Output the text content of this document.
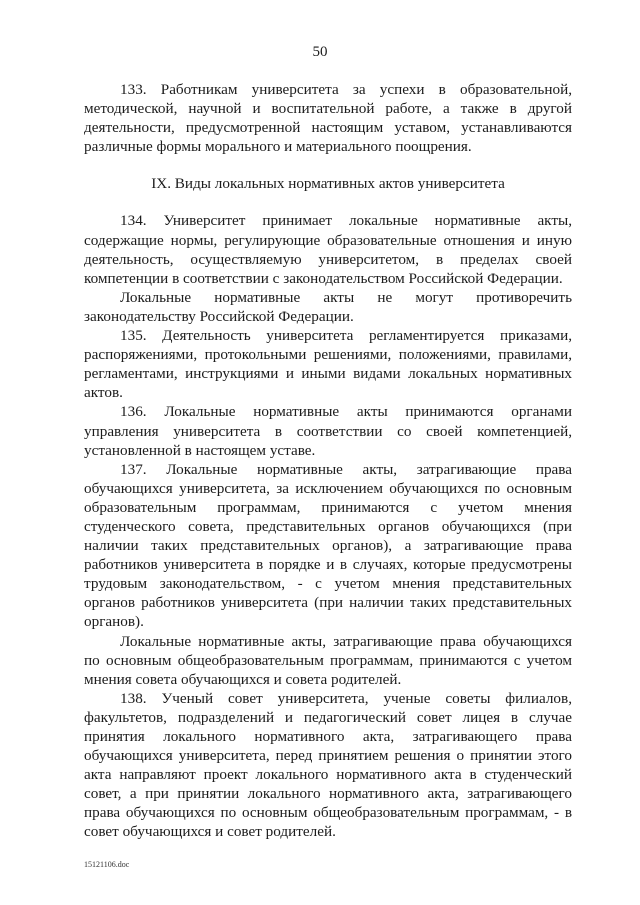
50

133. Работникам университета за успехи в образовательной, методической, научной и воспитательной работе, а также в другой деятельности, предусмотренной настоящим уставом, устанавливаются различные формы морального и материального поощрения.

IX. Виды локальных нормативных актов университета

134. Университет принимает локальные нормативные акты, содержащие нормы, регулирующие образовательные отношения и иную деятельность, осуществляемую университетом, в пределах своей компетенции в соответствии с законодательством Российской Федерации.

Локальные нормативные акты не могут противоречить законодательству Российской Федерации.

135. Деятельность университета регламентируется приказами, распоряжениями, протокольными решениями, положениями, правилами, регламентами, инструкциями и иными видами локальных нормативных актов.

136. Локальные нормативные акты принимаются органами управления университета в соответствии со своей компетенцией, установленной в настоящем уставе.

137. Локальные нормативные акты, затрагивающие права обучающихся университета, за исключением обучающихся по основным образовательным программам, принимаются с учетом мнения студенческого совета, представительных органов обучающихся (при наличии таких представительных органов), а затрагивающие права работников университета в порядке и в случаях, которые предусмотрены трудовым законодательством, - с учетом мнения представительных органов работников университета (при наличии таких представительных органов).

Локальные нормативные акты, затрагивающие права обучающихся по основным общеобразовательным программам, принимаются с учетом мнения совета обучающихся и совета родителей.

138. Ученый совет университета, ученые советы филиалов, факультетов, подразделений и педагогический совет лицея в случае принятия локального нормативного акта, затрагивающего права обучающихся университета, перед принятием решения о принятии этого акта направляют проект локального нормативного акта в студенческий совет, а при принятии локального нормативного акта, затрагивающего права обучающихся по основным общеобразовательным программам, - в совет обучающихся и совет родителей.

15121106.doc
